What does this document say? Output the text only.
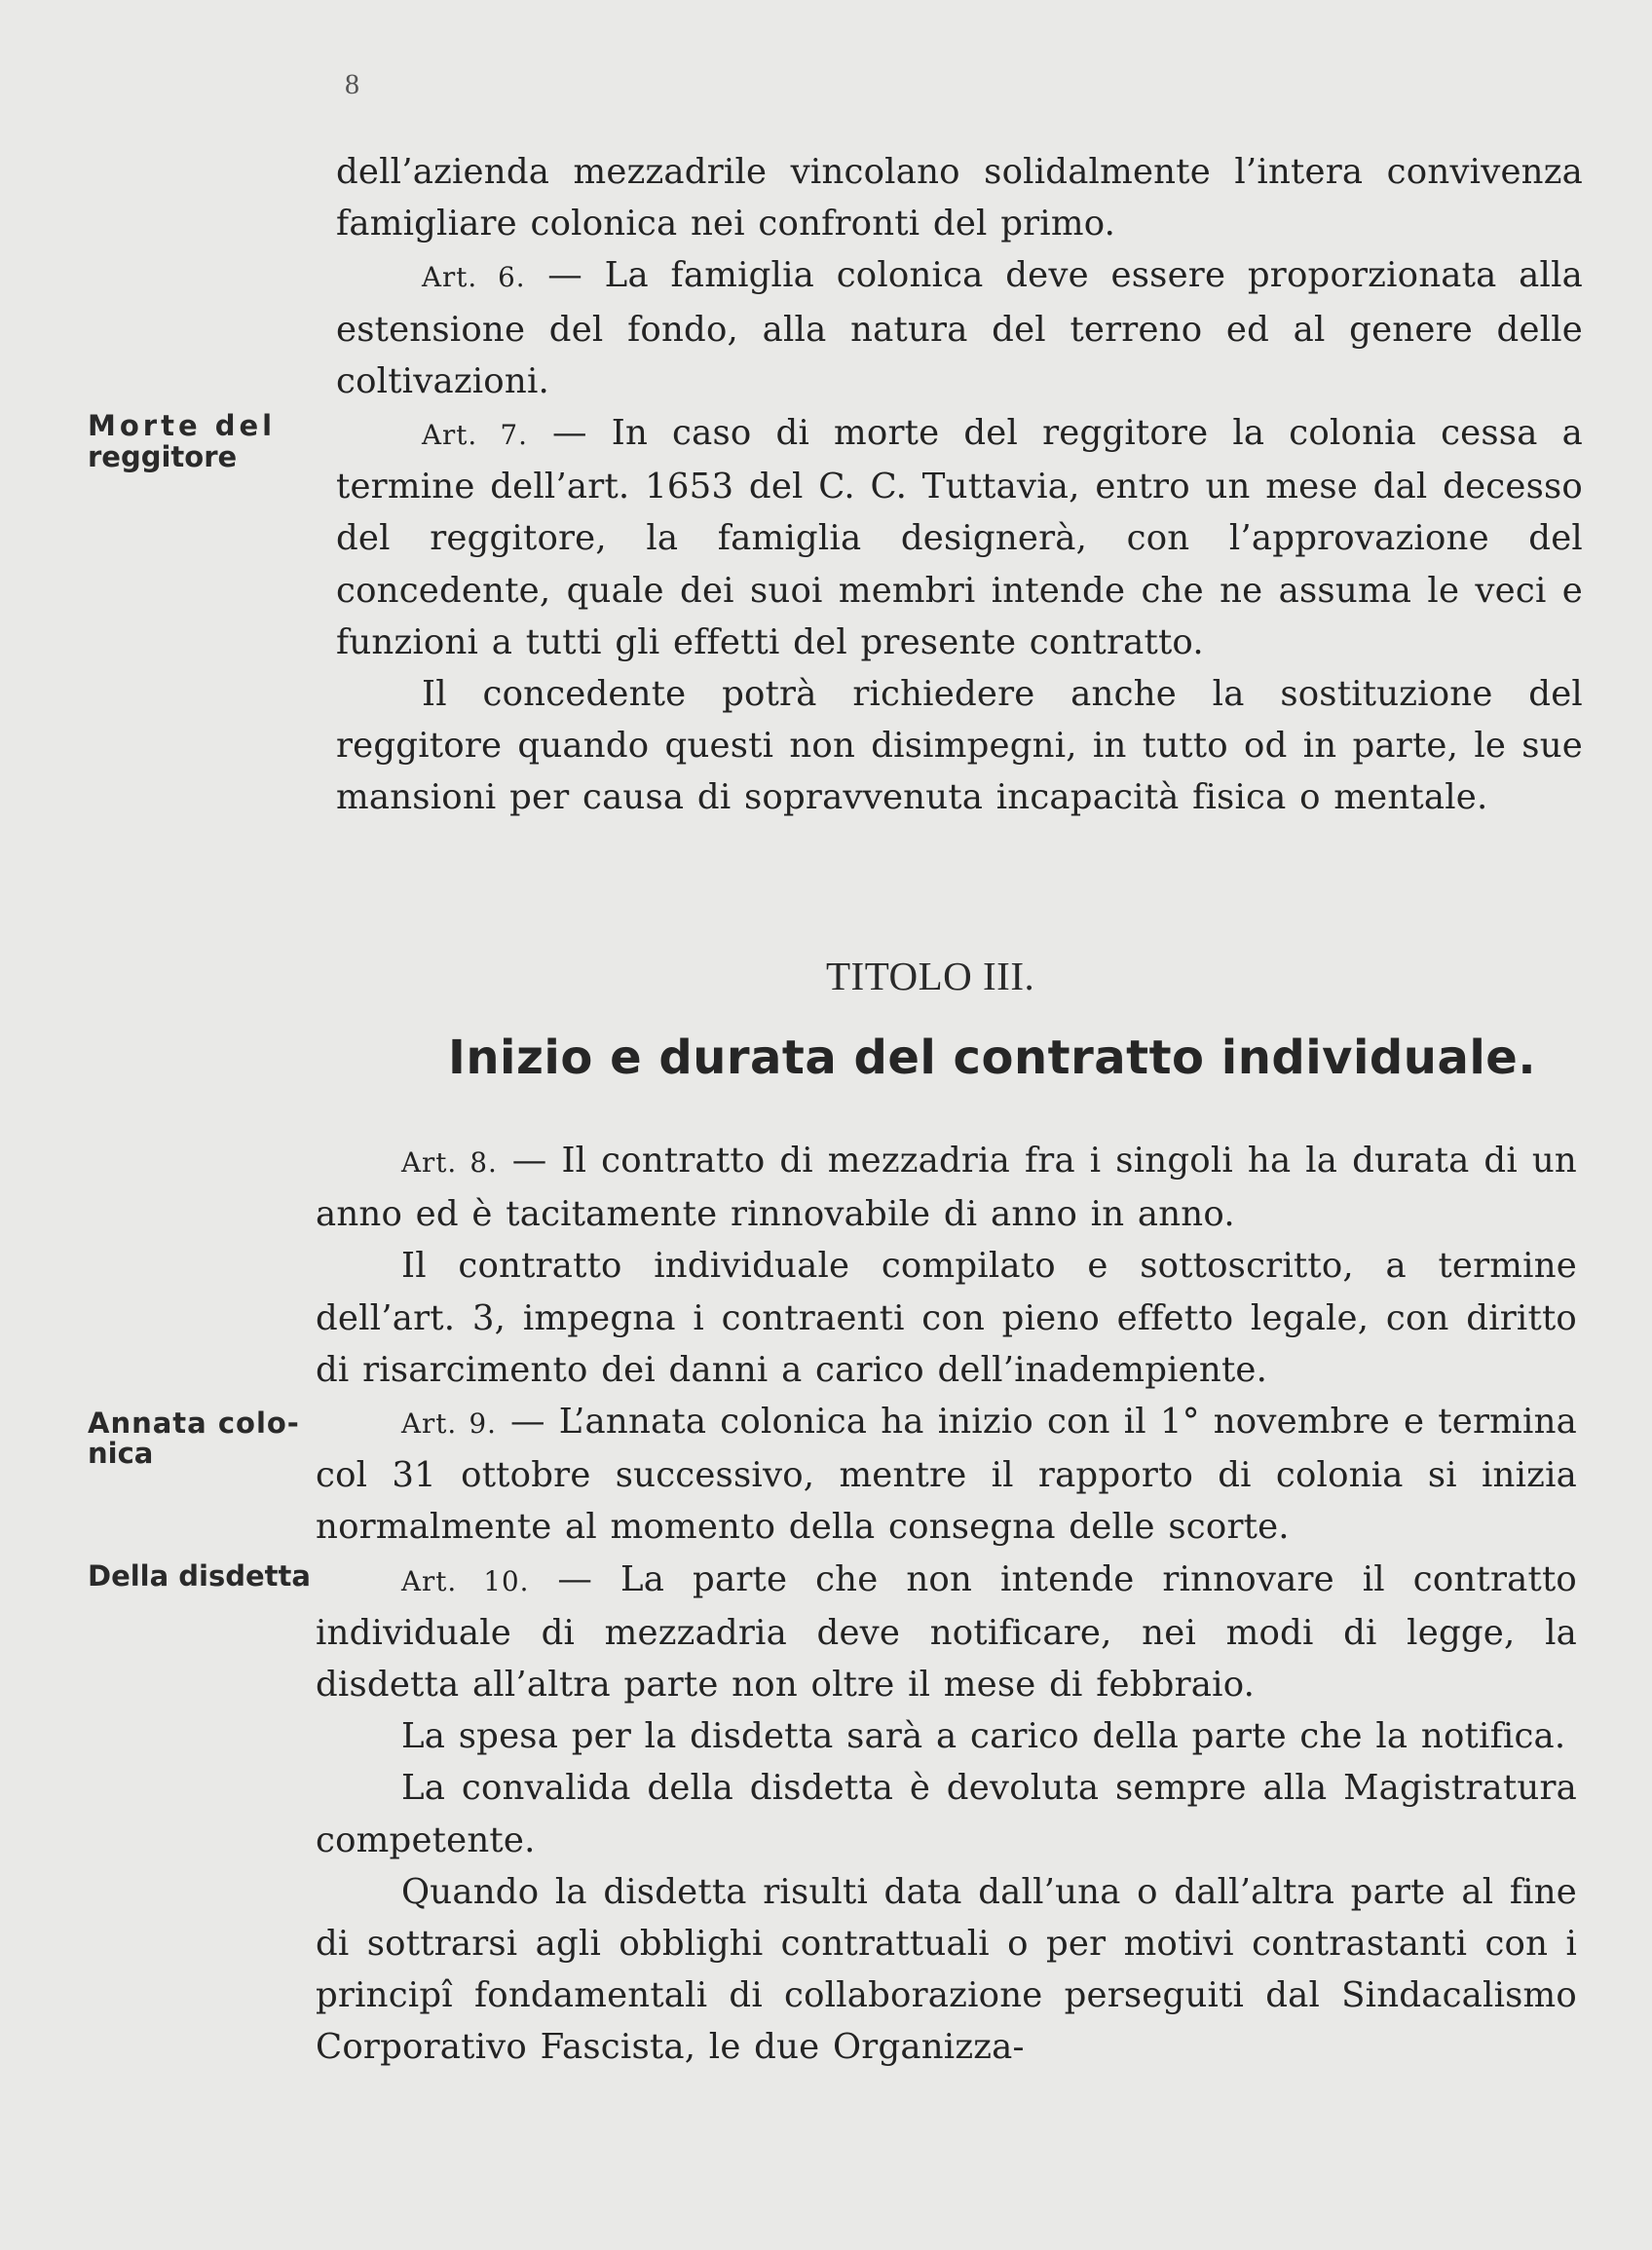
8
Morte del
reggitore
Annata colo-
nica
Della disdetta

dell’azienda mezzadrile vincolano solidalmente l’intera convivenza famigliare colonica nei confronti del primo.

Art. 6. — La famiglia colonica deve essere proporzionata alla estensione del fondo, alla natura del terreno ed al genere delle coltivazioni.

Art. 7. — In caso di morte del reggitore la colonia cessa a termine dell’art. 1653 del C. C. Tuttavia, entro un mese dal decesso del reggitore, la famiglia designerà, con l’approvazione del concedente, quale dei suoi membri intende che ne assuma le veci e funzioni a tutti gli effetti del presente contratto.

Il concedente potrà richiedere anche la sostituzione del reggitore quando questi non disimpegni, in tutto od in parte, le sue mansioni per causa di sopravvenuta incapacità fisica o mentale.

TITOLO III.
Inizio e durata del contratto individuale.

Art. 8. — Il contratto di mezzadria fra i singoli ha la durata di un anno ed è tacitamente rinnovabile di anno in anno.

Il contratto individuale compilato e sottoscritto, a termine dell’art. 3, impegna i contraenti con pieno effetto legale, con diritto di risarcimento dei danni a carico dell’inadempiente.

Art. 9. — L’annata colonica ha inizio con il 1° novembre e termina col 31 ottobre successivo, mentre il rapporto di colonia si inizia normalmente al momento della consegna delle scorte.

Art. 10. — La parte che non intende rinnovare il contratto individuale di mezzadria deve notificare, nei modi di legge, la disdetta all’altra parte non oltre il mese di febbraio.

La spesa per la disdetta sarà a carico della parte che la notifica.

La convalida della disdetta è devoluta sempre alla Magistratura competente.

Quando la disdetta risulti data dall’una o dall’altra parte al fine di sottrarsi agli obblighi contrattuali o per motivi contrastanti con i principî fondamentali di collaborazione perseguiti dal Sindacalismo Corporativo Fascista, le due Organizza-
